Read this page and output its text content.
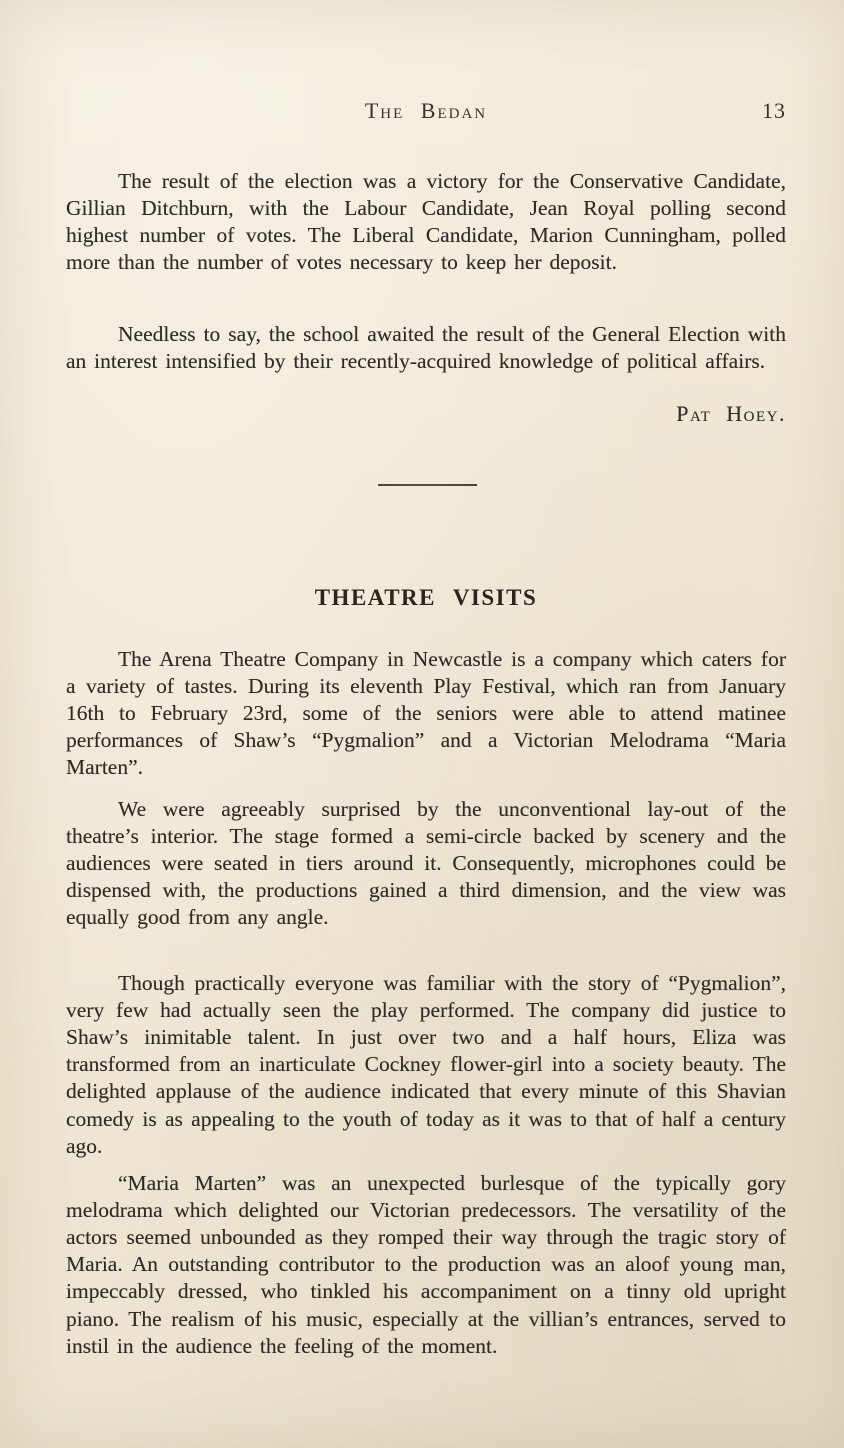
The Bedan	13

The result of the election was a victory for the Conservative Candidate, Gillian Ditchburn, with the Labour Candidate, Jean Royal polling second highest number of votes. The Liberal Candidate, Marion Cunningham, polled more than the number of votes necessary to keep her deposit.

Needless to say, the school awaited the result of the General Election with an interest intensified by their recently-acquired knowledge of political affairs.

Pat Hoey.
THEATRE VISITS

The Arena Theatre Company in Newcastle is a company which caters for a variety of tastes. During its eleventh Play Festival, which ran from January 16th to February 23rd, some of the seniors were able to attend matinee performances of Shaw’s “Pygmalion” and a Victorian Melodrama “Maria Marten”.

We were agreeably surprised by the unconventional lay-out of the theatre’s interior. The stage formed a semi-circle backed by scenery and the audiences were seated in tiers around it. Consequently, microphones could be dispensed with, the productions gained a third dimension, and the view was equally good from any angle.

Though practically everyone was familiar with the story of “Pygmalion”, very few had actually seen the play performed. The company did justice to Shaw’s inimitable talent. In just over two and a half hours, Eliza was transformed from an inarticulate Cockney flower-girl into a society beauty. The delighted applause of the audience indicated that every minute of this Shavian comedy is as appealing to the youth of today as it was to that of half a century ago.

“Maria Marten” was an unexpected burlesque of the typically gory melodrama which delighted our Victorian predecessors. The versatility of the actors seemed unbounded as they romped their way through the tragic story of Maria. An outstanding contributor to the production was an aloof young man, impeccably dressed, who tinkled his accompaniment on a tinny old upright piano. The realism of his music, especially at the villian’s entrances, served to instil in the audience the feeling of the moment.
